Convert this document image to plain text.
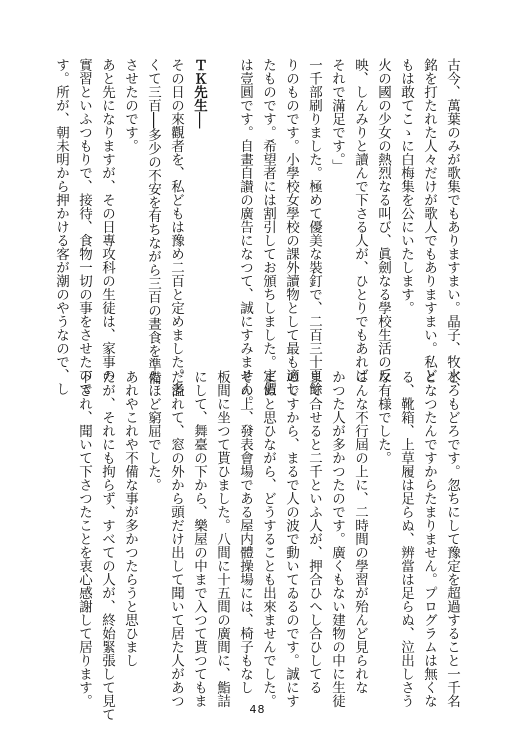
古今、萬葉のみが歌集でもありますまい。晶子、牧水、
銘を打たれた人々だけが歌人でもありますまい。私ど
もは敢てこゝに白梅集を公にいたします。
火の國の少女の熱烈なる叫び、眞劍なる學校生活の反
映、しんみりと讀んで下さる人が、ひとりでもあれば
それで滿足です。」
一千部刷りました。極めて優美な裝釘で、二百三十頁餘
りのものです。小學校女學校の課外讀物として最も適し
たものです。希望者には割引してお頒ちしました。定價
は壹圓です。自畫自讃の廣告になつて、誠にすみません。

ＴＫ先生──
その日の來觀者を、私どもは豫め二百と定めました。多
くて三百──多少の不安を有ちながら三百の晝食を準備
させたのです。
あと先になりますが、その日專攻科の生徒は、家事の
實習といふつもりで、接待、食物一切の事をさせたので
す。所が、朝未明から押かける客が潮のやうなので、し
どろもどろです。忽ちにして豫定を超過すること一千名
となつたんですからたまりません。プログラムは無くな
る、靴箱、上草履は足らぬ、辨當は足らぬ、泣出しさう
な有様でした。
こんな不行屆の上に、二時間の學習が殆んど見られな
かつた人が多かつたのです。廣くもない建物の中に生徒
まで合せると二千といふ人が、押合ひへし合ひしてる
のですから、まるで人の波で動いてゐるのです。誠にす
まぬと思ひながら、どうすることも出來ませんでした。
その上、發表會場である屋内體操場には、椅子もなし
板間に坐つて貰ひました。八間に十五間の廣間に、鮨詰
にして、舞臺の下から、樂屋の中まで入つて貰つてもま
だ溢れて、窓の外から頭だけ出して聞いて居た人があつ
たほど窮屈でした。
あれやこれや不備な事が多かつたらうと思ひまし
たが、それにも拘らず、すべての人が、終始緊張して見て
下され、聞いて下さつたことを衷心感謝して居ります。
48
